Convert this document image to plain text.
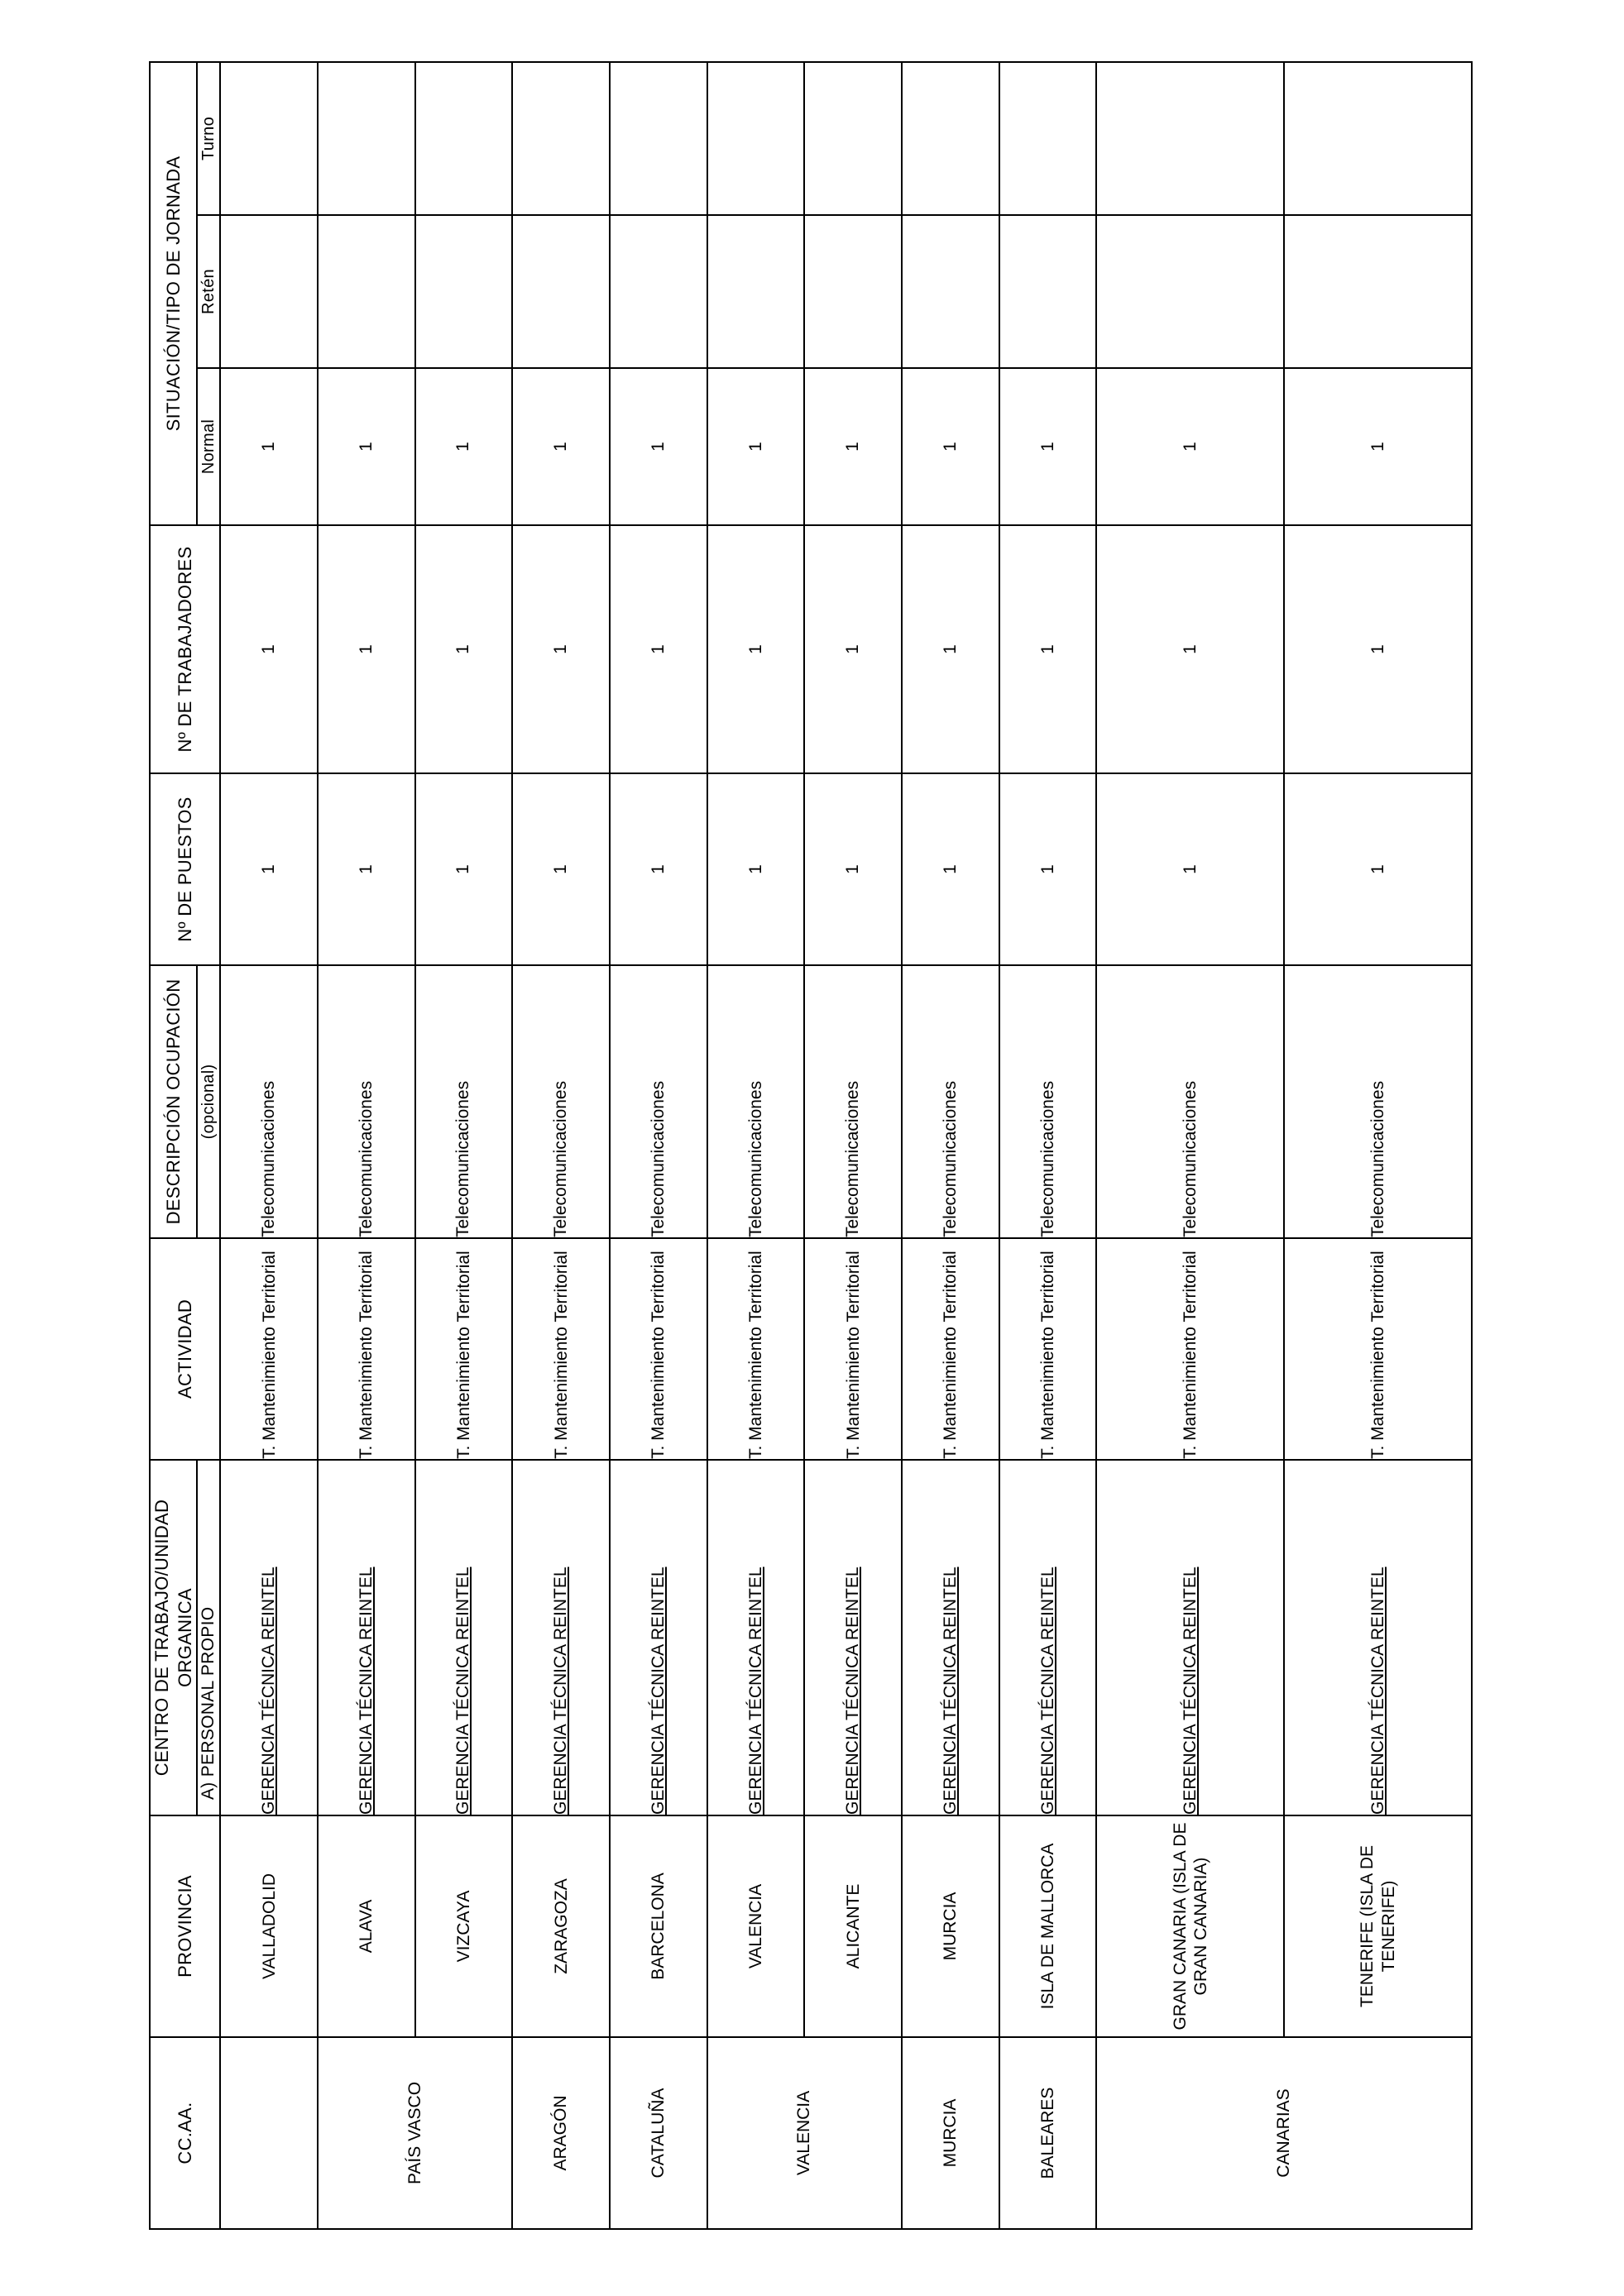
CC.AA.	PROVINCIA	CENTRO DE TRABAJO/UNIDAD ORGANICA	ACTIVIDAD	DESCRIPCIÓN OCUPACIÓN	Nº DE PUESTOS	Nº DE TRABAJADORES	SITUACIÓN/TIPO DE JORNADA		
		A) PERSONAL PROPIO		(opcional)			Normal	Retén	Turno
	VALLADOLID	GERENCIA TÉCNICA REINTEL	T. Mantenimiento Territorial	Telecomunicaciones	1	1	1		
PAÍS VASCO	ALAVA	GERENCIA TÉCNICA REINTEL	T. Mantenimiento Territorial	Telecomunicaciones	1	1	1		
	VIZCAYA	GERENCIA TÉCNICA REINTEL	T. Mantenimiento Territorial	Telecomunicaciones	1	1	1		
ARAGÓN	ZARAGOZA	GERENCIA TÉCNICA REINTEL	T. Mantenimiento Territorial	Telecomunicaciones	1	1	1		
CATALUÑA	BARCELONA	GERENCIA TÉCNICA REINTEL	T. Mantenimiento Territorial	Telecomunicaciones	1	1	1		
VALENCIA	VALENCIA	GERENCIA TÉCNICA REINTEL	T. Mantenimiento Territorial	Telecomunicaciones	1	1	1		
	ALICANTE	GERENCIA TÉCNICA REINTEL	T. Mantenimiento Territorial	Telecomunicaciones	1	1	1		
MURCIA	MURCIA	GERENCIA TÉCNICA REINTEL	T. Mantenimiento Territorial	Telecomunicaciones	1	1	1		
BALEARES	ISLA DE MALLORCA	GERENCIA TÉCNICA REINTEL	T. Mantenimiento Territorial	Telecomunicaciones	1	1	1		
CANARIAS	GRAN CANARIA (ISLA DE GRAN CANARIA)	GERENCIA TÉCNICA REINTEL	T. Mantenimiento Territorial	Telecomunicaciones	1	1	1		
	TENERIFE (ISLA DE TENERIFE)	GERENCIA TÉCNICA REINTEL	T. Mantenimiento Territorial	Telecomunicaciones	1	1	1		
